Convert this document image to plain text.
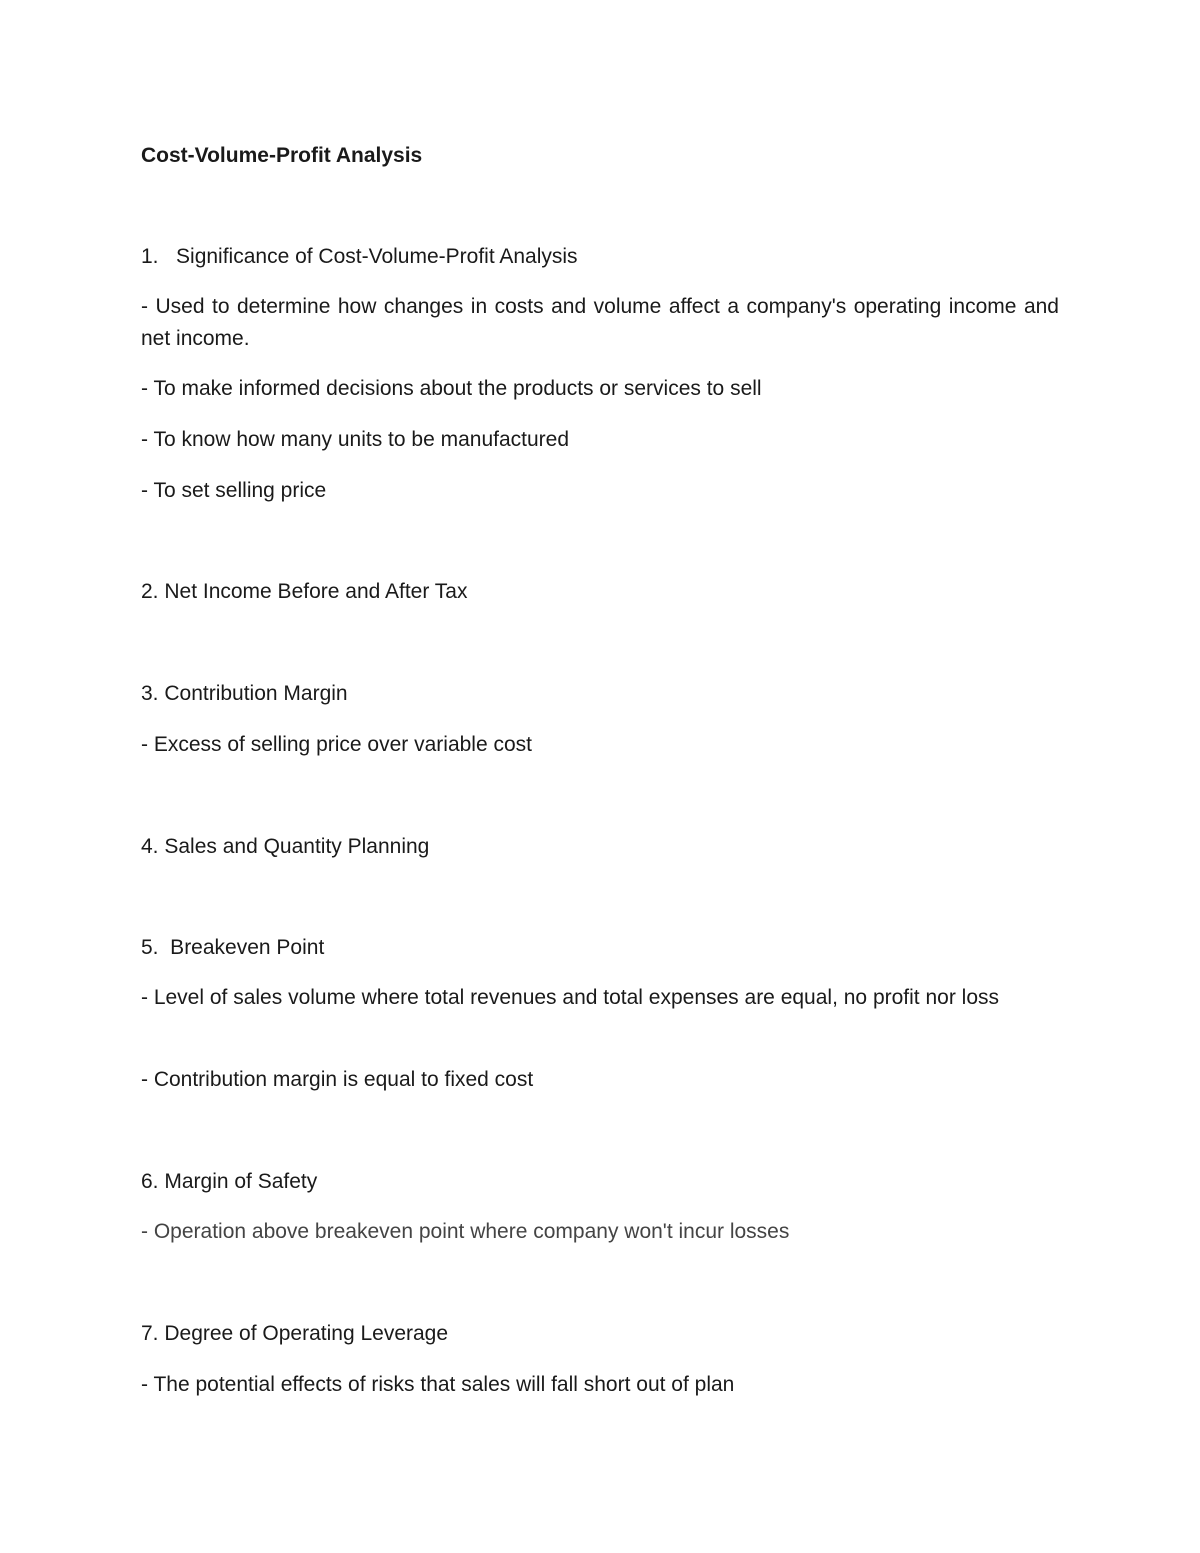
Cost-Volume-Profit Analysis

1.   Significance of Cost-Volume-Profit Analysis

- Used to determine how changes in costs and volume affect a company's operating income and net income.

- To make informed decisions about the products or services to sell

- To know how many units to be manufactured

- To set selling price

2. Net Income Before and After Tax

3. Contribution Margin

- Excess of selling price over variable cost

4. Sales and Quantity Planning

5.  Breakeven Point

- Level of sales volume where total revenues and total expenses are equal, no profit nor loss

- Contribution margin is equal to fixed cost

6. Margin of Safety

- Operation above breakeven point where company won't incur losses

7. Degree of Operating Leverage

- The potential effects of risks that sales will fall short out of plan
